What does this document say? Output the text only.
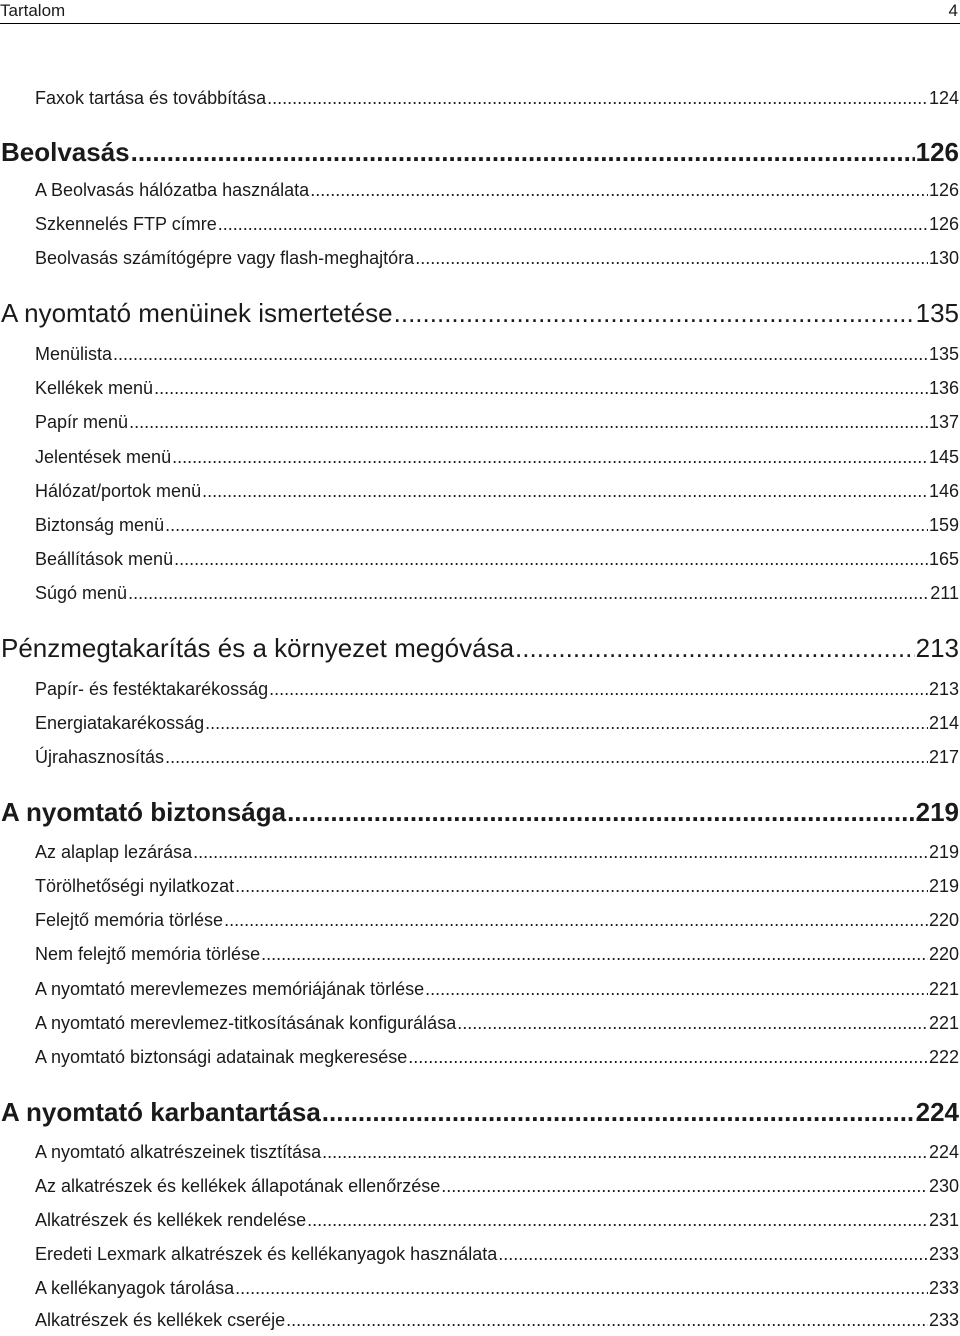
Tartalom	4
Faxok tartása és továbbítása .....	124
Beolvasás .....	126
A Beolvasás hálózatba használata .....	126
Szkennelés FTP címre .....	126
Beolvasás számítógépre vagy flash-meghajtóra .....	130
A nyomtató menüinek ismertetése .....	135
Menülista .....	135
Kellékek menü .....	136
Papír menü .....	137
Jelentések menü .....	145
Hálózat/portok menü .....	146
Biztonság menü .....	159
Beállítások menü .....	165
Súgó menü .....	211
Pénzmegtakarítás és a környezet megóvása .....	213
Papír- és festéktakarékosság .....	213
Energiatakarékosság .....	214
Újrahasznosítás .....	217
A nyomtató biztonsága .....	219
Az alaplap lezárása .....	219
Törölhetőségi nyilatkozat .....	219
Felejtő memória törlése .....	220
Nem felejtő memória törlése .....	220
A nyomtató merevlemezes memóriájának törlése .....	221
A nyomtató merevlemez-titkosításának konfigurálása .....	221
A nyomtató biztonsági adatainak megkeresése .....	222
A nyomtató karbantartása .....	224
A nyomtató alkatrészeinek tisztítása .....	224
Az alkatrészek és kellékek állapotának ellenőrzése .....	230
Alkatrészek és kellékek rendelése .....	231
Eredeti Lexmark alkatrészek és kellékanyagok használata .....	233
A kellékanyagok tárolása .....	233
Alkatrészek és kellékek cseréje .....	233
